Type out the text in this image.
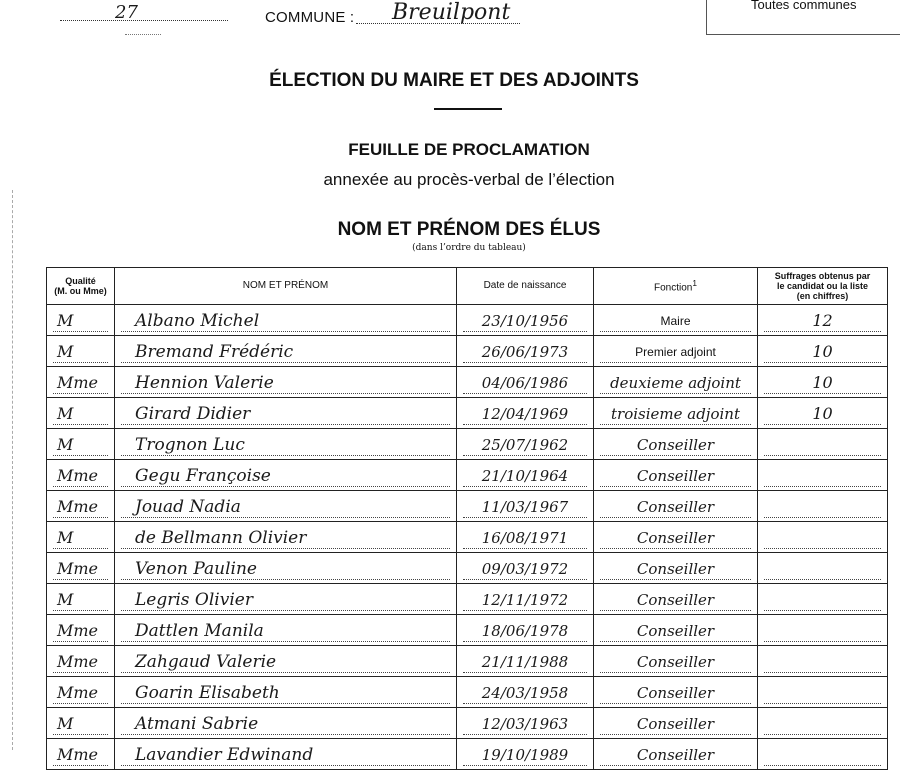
27	COMMUNE : Breuilpont	Toutes communes
ÉLECTION DU MAIRE ET DES ADJOINTS
FEUILLE DE PROCLAMATION
annexée au procès-verbal de l’élection
NOM ET PRÉNOM DES ÉLUS
(dans l’ordre du tableau)
Qualité
(M. ou Mme)	NOM ET PRÉNOM	Date de naissance	Fonction$^1$	Suffrages obtenus par
le candidat ou la liste
(en chiffres)

M	Albano Michel	23/10/1956	Maire	12

M	Bremand Frédéric	26/06/1973	Premier adjoint	10

Mme	Hennion Valerie	04/06/1986	deuxieme adjoint	10

M	Girard Didier	12/04/1969	troisieme adjoint	10

M	Trognon Luc	25/07/1962	Conseiller	

Mme	Gegu Françoise	21/10/1964	Conseiller	

Mme	Jouad Nadia	11/03/1967	Conseiller	

M	de Bellmann Olivier	16/08/1971	Conseiller	

Mme	Venon Pauline	09/03/1972	Conseiller	

M	Legris Olivier	12/11/1972	Conseiller	

Mme	Dattlen Manila	18/06/1978	Conseiller	

Mme	Zahgaud Valerie	21/11/1988	Conseiller	

Mme	Goarin Elisabeth	24/03/1958	Conseiller	

M	Atmani Sabrie	12/03/1963	Conseiller	

Mme	Lavandier Edwinand	19/10/1989	Conseiller	
